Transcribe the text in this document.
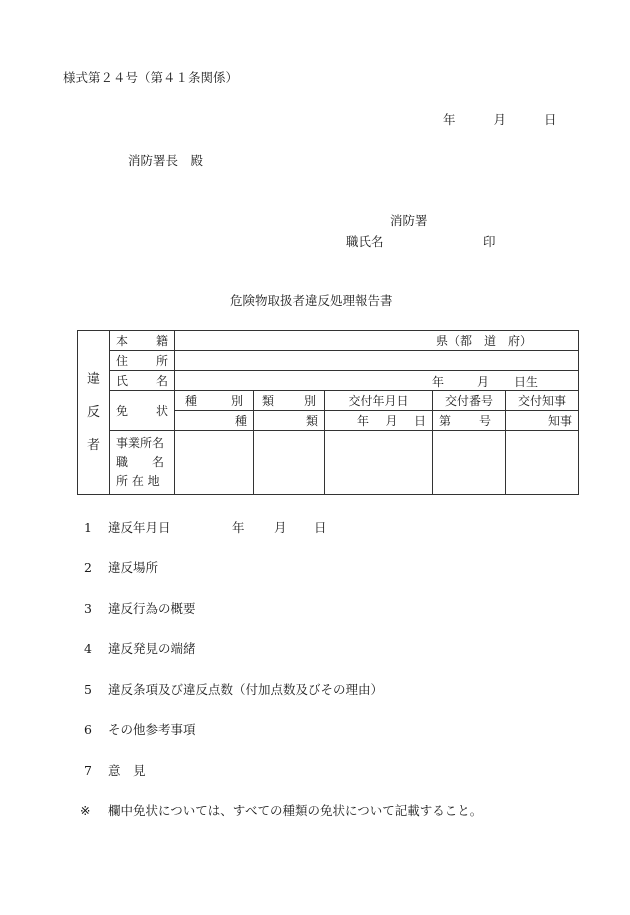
様式第２４号（第４１条関係）
年	月	日
消防署長　殿
消防署
職氏名	印
危険物取扱者違反処理報告書
違
反
者	本 籍	県（都　道　府）				

	住 所					

	氏 名	年 月 日生				

	免 状	種 別	類 別	交付年月日	交付番号	交付知事
		種	類	年 月 日	第 号	知事

	事業所名
職　　名
所 在 地					

1 違反年月日	年 月 日
2 違反場所
3 違反行為の概要
4 違反発見の端緒
5 違反条項及び違反点数（付加点数及びその理由）
6 その他参考事項
7 意　見
※ 欄中免状については、すべての種類の免状について記載すること。
